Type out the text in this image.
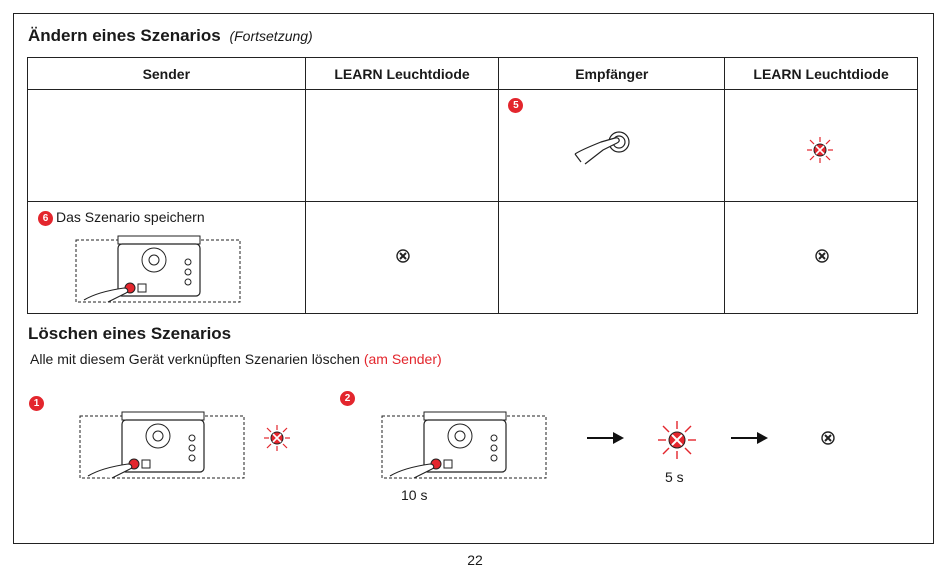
Ändern eines Szenarios (Fortsetzung)
Sender	LEARN Leuchtdiode	Empfänger	LEARN Leuchtdiode

		5

6 Das Szenario speichern

Löschen eines Szenarios
Alle mit diesem Gerät verknüpften Szenarien löschen (am Sender)
1	2
10 s
5 s
22
